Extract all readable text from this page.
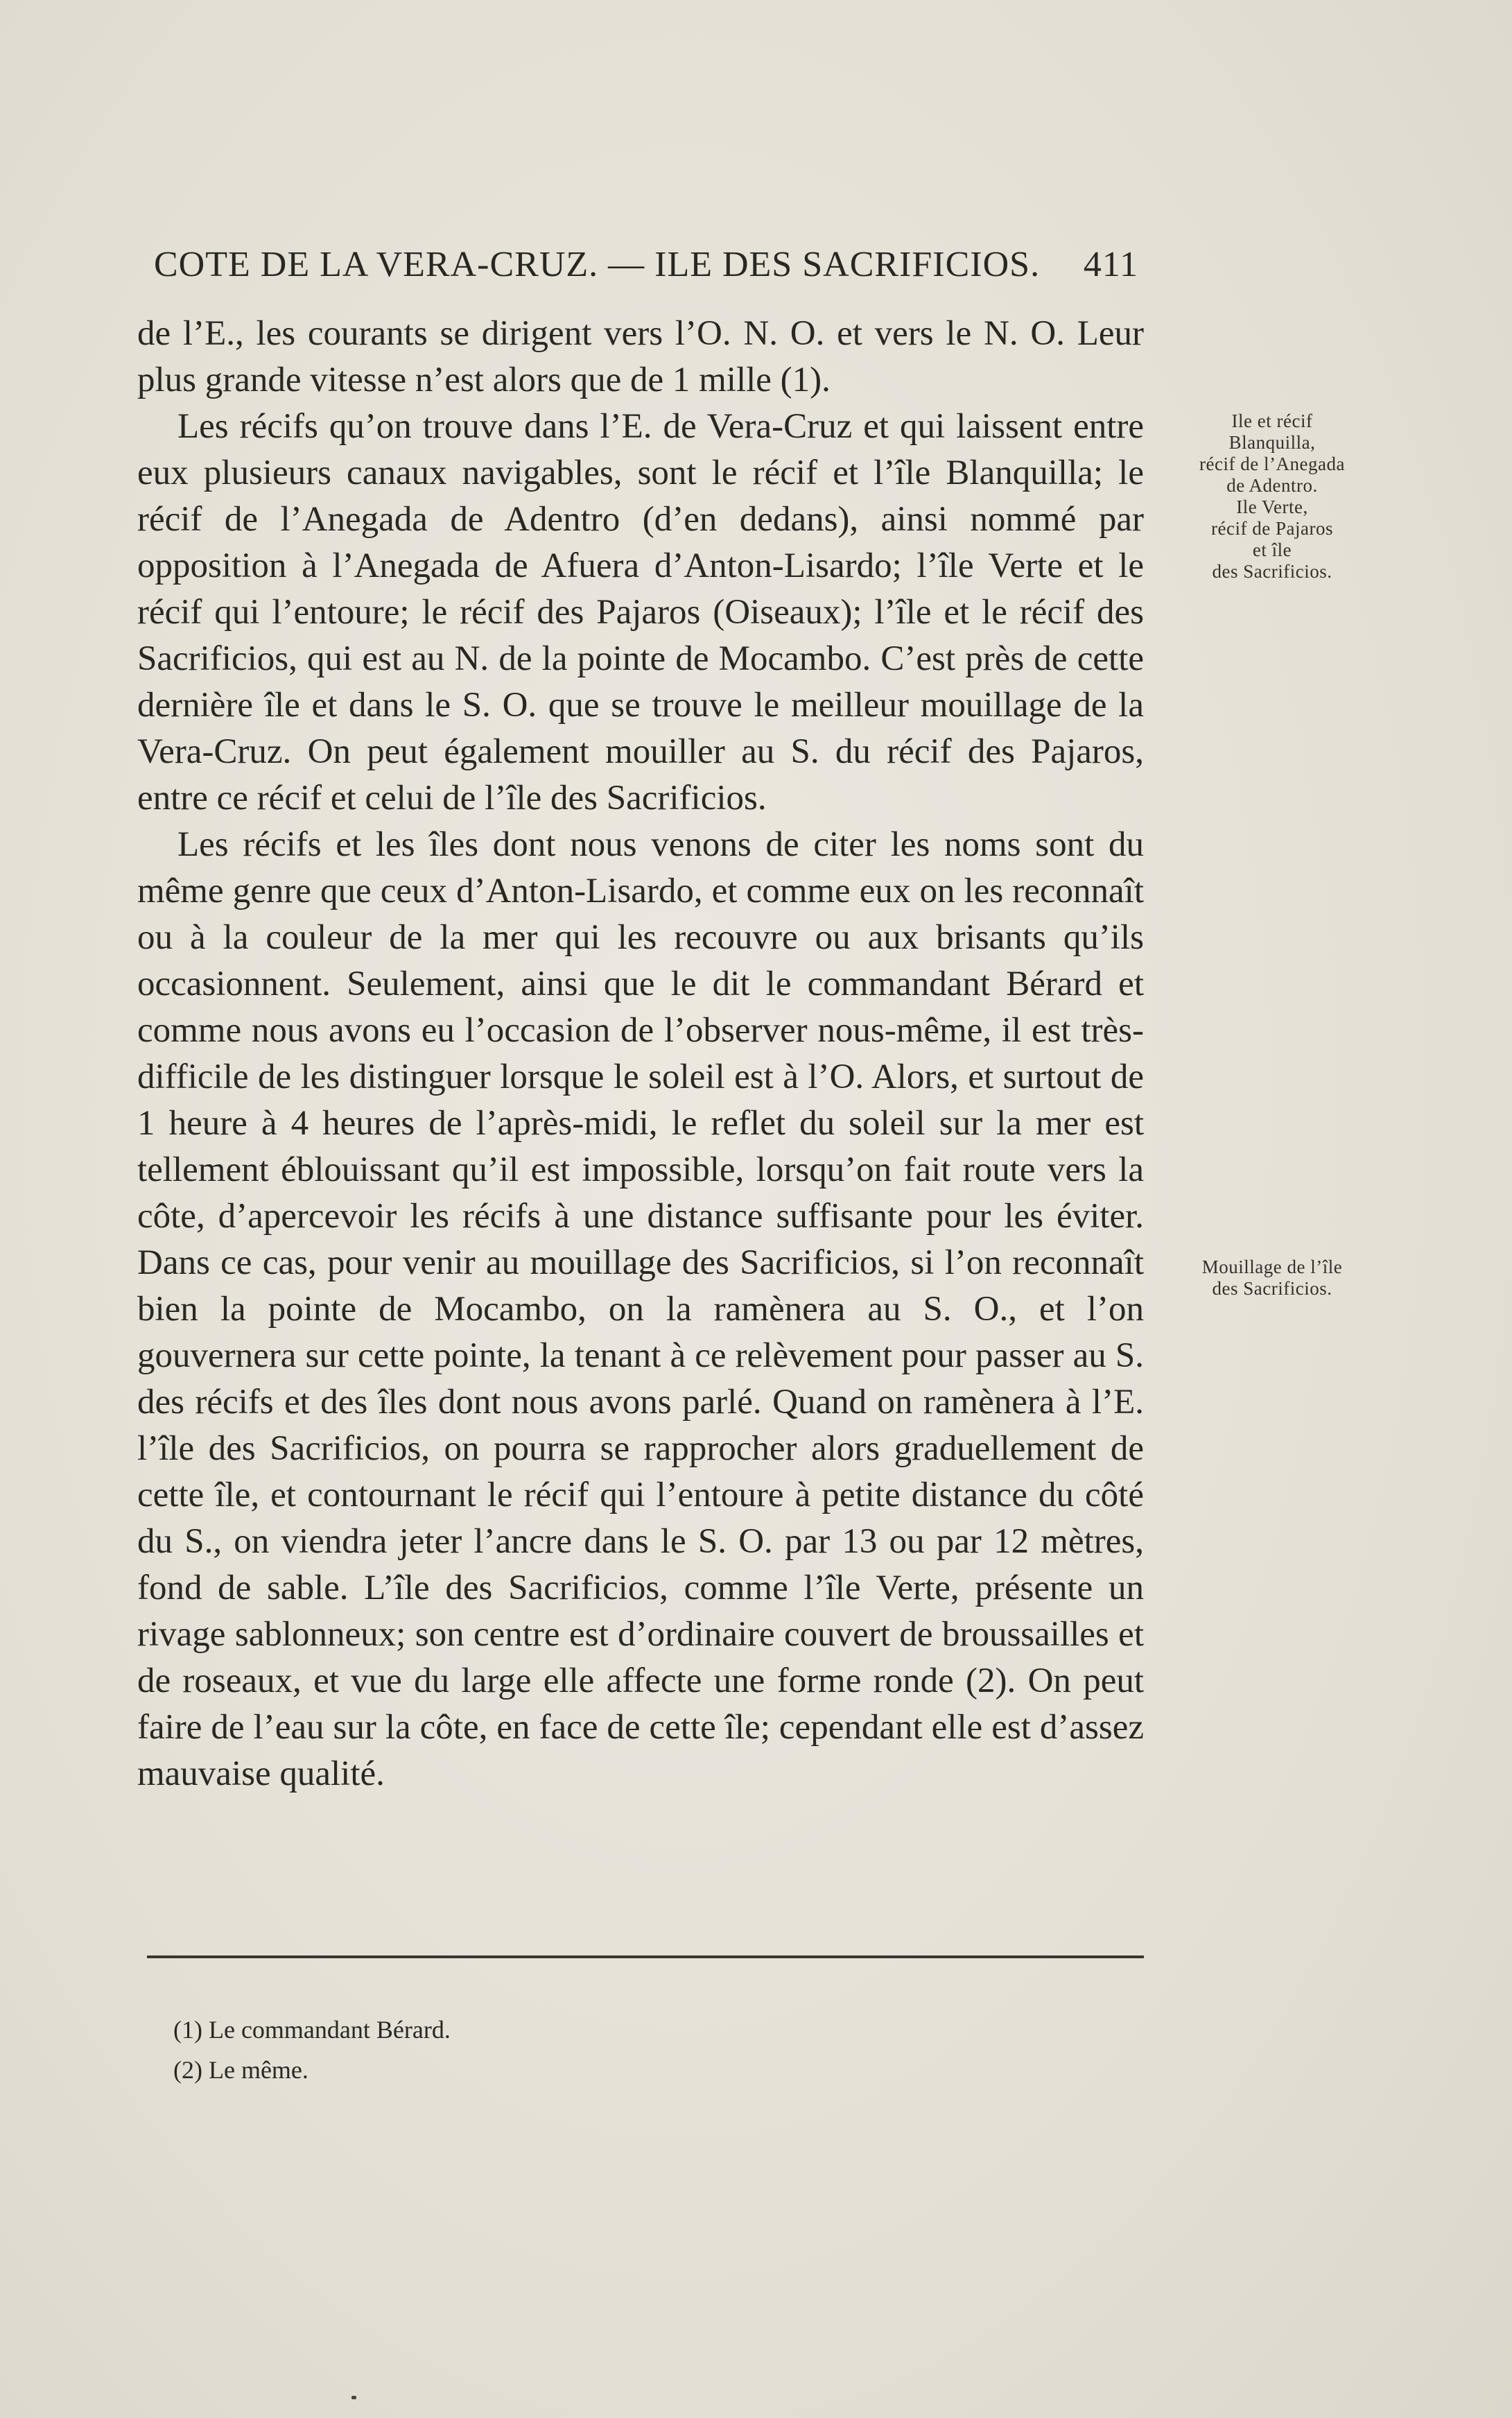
COTE DE LA VERA-CRUZ. — ILE DES SACRIFICIOS. 411

de l’E., les courants se dirigent vers l’O. N. O. et vers le N. O. Leur plus grande vitesse n’est alors que de 1 mille (1).

Les récifs qu’on trouve dans l’E. de Vera-Cruz et qui laissent entre eux plusieurs canaux navigables, sont le récif et l’île Blanquilla; le récif de l’Anegada de Adentro (d’en dedans), ainsi nommé par opposition à l’Anegada de Afuera d’Anton-Lisardo; l’île Verte et le récif qui l’entoure; le récif des Pajaros (Oiseaux); l’île et le récif des Sacrificios, qui est au N. de la pointe de Mocambo. C’est près de cette dernière île et dans le S. O. que se trouve le meilleur mouillage de la Vera-Cruz. On peut également mouiller au S. du récif des Pajaros, entre ce récif et celui de l’île des Sacrificios.

Les récifs et les îles dont nous venons de citer les noms sont du même genre que ceux d’Anton-Lisardo, et comme eux on les reconnaît ou à la couleur de la mer qui les recouvre ou aux brisants qu’ils occasionnent. Seulement, ainsi que le dit le commandant Bérard et comme nous avons eu l’occasion de l’observer nous-même, il est très-difficile de les distinguer lorsque le soleil est à l’O. Alors, et surtout de 1 heure à 4 heures de l’après-midi, le reflet du soleil sur la mer est tellement éblouissant qu’il est impossible, lorsqu’on fait route vers la côte, d’apercevoir les récifs à une distance suffisante pour les éviter. Dans ce cas, pour venir au mouillage des Sacrificios, si l’on reconnaît bien la pointe de Mocambo, on la ramènera au S. O., et l’on gouvernera sur cette pointe, la tenant à ce relèvement pour passer au S. des récifs et des îles dont nous avons parlé. Quand on ramènera à l’E. l’île des Sacrificios, on pourra se rapprocher alors graduellement de cette île, et contournant le récif qui l’entoure à petite distance du côté du S., on viendra jeter l’ancre dans le S. O. par 13 ou par 12 mètres, fond de sable. L’île des Sacrificios, comme l’île Verte, présente un rivage sablonneux; son centre est d’ordinaire couvert de broussailles et de roseaux, et vue du large elle affecte une forme ronde (2). On peut faire de l’eau sur la côte, en face de cette île; cependant elle est d’assez mauvaise qualité.

Ile et récif
Blanquilla,
récif de l’Anegada
de Adentro.
Ile Verte,
récif de Pajaros
et île
des Sacrificios.
Mouillage de l’île
des Sacrificios.
(1) Le commandant Bérard.
(2) Le même.
